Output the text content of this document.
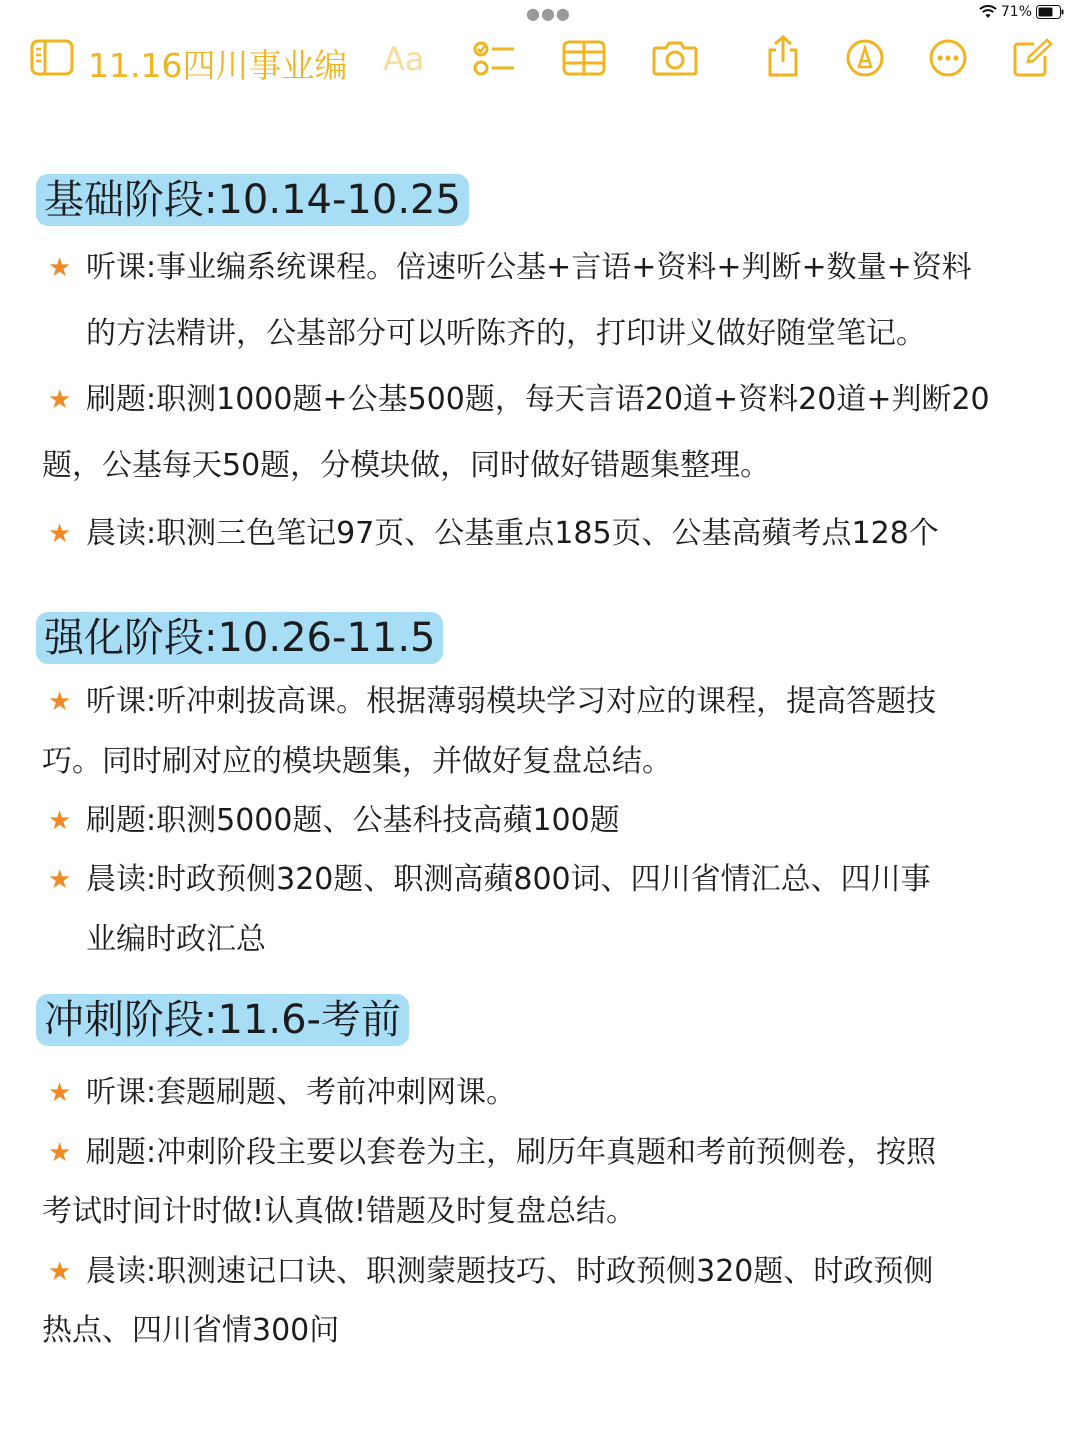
●●●	71%
11.16四川事业编 Aa
基础阶段:10.14-10.25
★ 听课:事业编系统课程。倍速听公基+言语+资料+判断+数量+资料
的方法精讲，公基部分可以听陈齐的，打印讲义做好随堂笔记。
★ 刷题:职测1000题+公基500题，每天言语20道+资料20道+判断20
题，公基每天50题，分模块做，同时做好错题集整理。
★ 晨读:职测三色笔记97页、公基重点185页、公基高蘋考点128个
强化阶段:10.26-11.5
★ 听课:听冲刺拔高课。根据薄弱模块学习对应的课程，提高答题技
巧。同时刷对应的模块题集，并做好复盘总结。
★ 刷题:职测5000题、公基科技高蘋100题
★ 晨读:时政预侧320题、职测高蘋800词、四川省情汇总、四川事
业编时政汇总
冲刺阶段:11.6-考前
★ 听课:套题刷题、考前冲刺网课。
★ 刷题:冲刺阶段主要以套卷为主，刷历年真题和考前预侧卷，按照
考试时间计时做!认真做!错题及时复盘总结。
★ 晨读:职测速记口诀、职测蒙题技巧、时政预侧320题、时政预侧
热点、四川省情300问
